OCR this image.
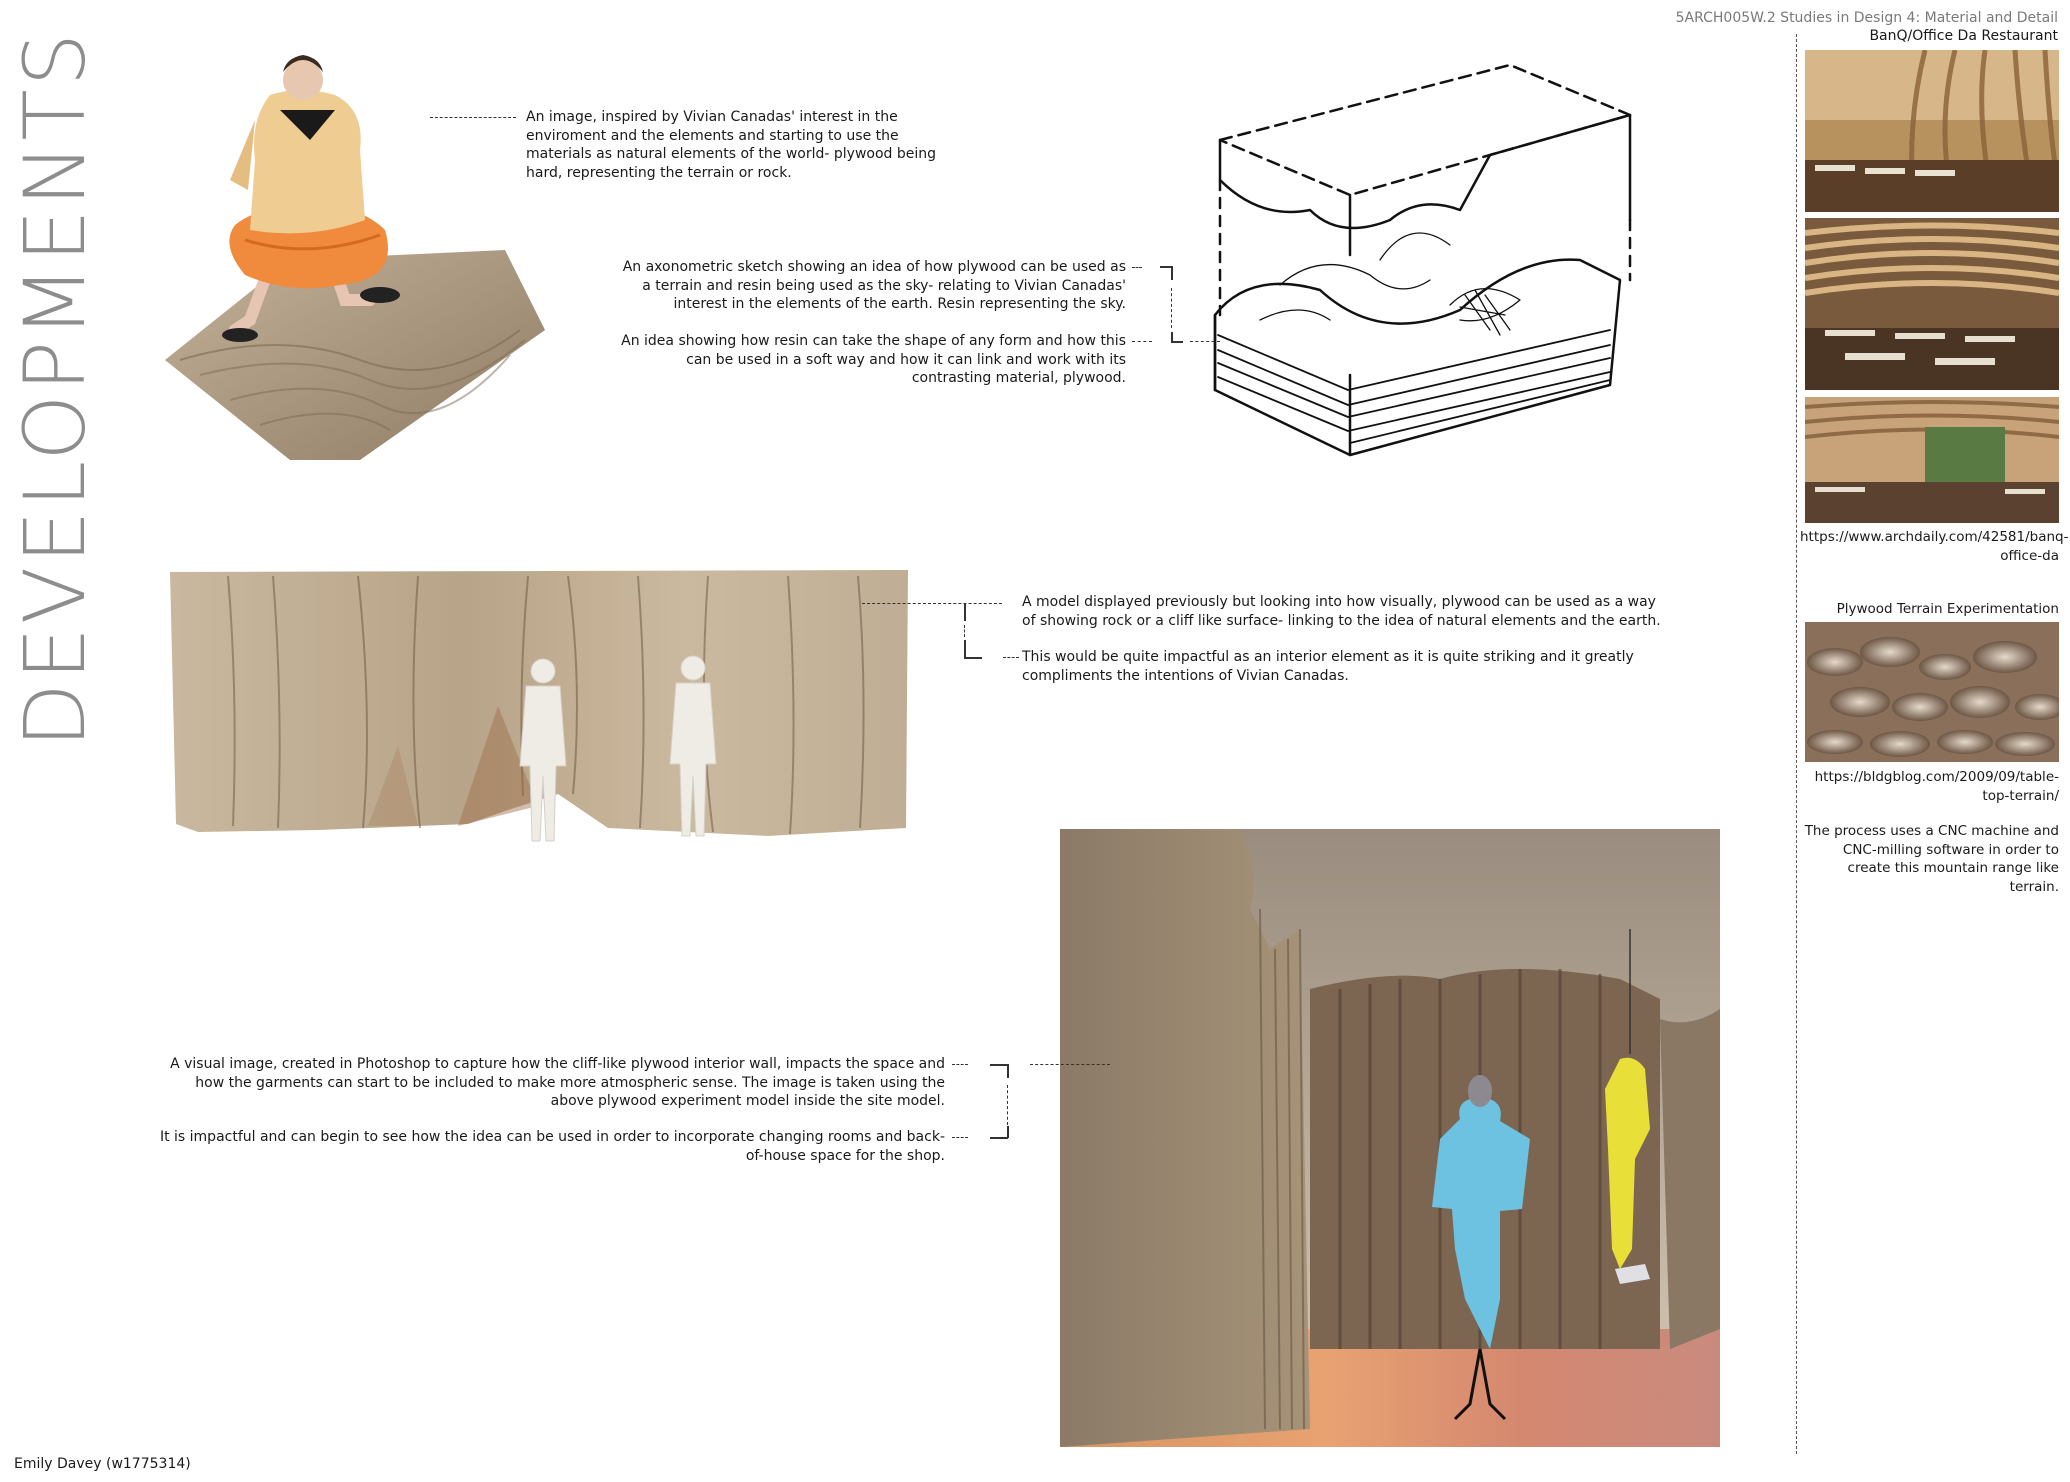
5ARCH005W.2 Studies in Design 4: Material and Detail
BanQ/Office Da Restaurant
DEVELOPMENTS	An image, inspired by Vivian Canadas' interest in the enviroment and the elements and starting to use the materials as natural elements of the world- plywood being hard, representing the terrain or rock.
An axonometric sketch showing an idea of how plywood can be used as a terrain and resin being used as the sky- relating to Vivian Canadas' interest in the elements of the earth. Resin representing the sky.
An idea showing how resin can take the shape of any form and how this can be used in a soft way and how it can link and work with its contrasting material, plywood.
A model displayed previously but looking into how visually, plywood can be used as a way of showing rock or a cliff like surface- linking to the idea of natural elements and the earth.
This would be quite impactful as an interior element as it is quite striking and it greatly compliments the intentions of Vivian Canadas.
A visual image, created in Photoshop to capture how the cliff-like plywood interior wall, impacts the space and how the garments can start to be included to make more atmospheric sense. The image is taken using the above plywood experiment model inside the site model.
It is impactful and can begin to see how the idea can be used in order to incorporate changing rooms and back-of-house space for the shop.
https://www.archdaily.com/42581/banq-office-da
Plywood Terrain Experimentation
https://bldgblog.com/2009/09/table-top-terrain/
The process uses a CNC machine and CNC-milling software in order to create this mountain range like terrain.
Emily Davey (w1775314)
